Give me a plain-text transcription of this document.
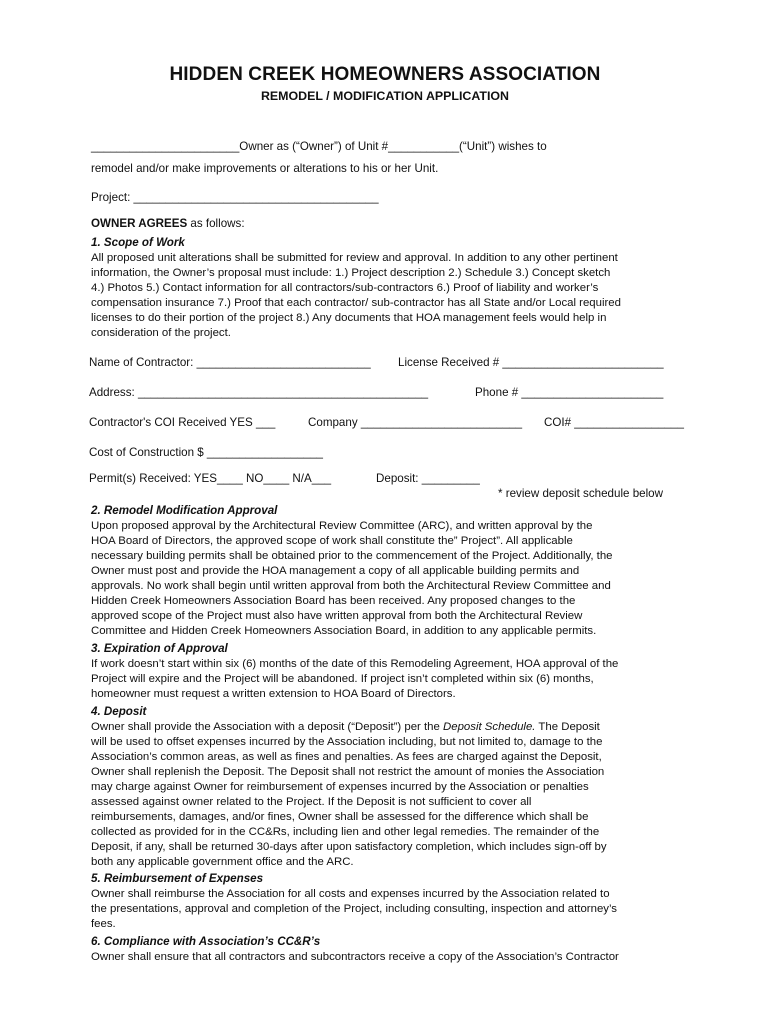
HIDDEN CREEK HOMEOWNERS ASSOCIATION
REMODEL / MODIFICATION APPLICATION
_______________________Owner as (“Owner”) of Unit #___________(“Unit”) wishes to
remodel and/or make improvements or alterations to his or her Unit.
Project: ______________________________________
OWNER AGREES as follows:
1. Scope of Work
All proposed unit alterations shall be submitted for review and approval. In addition to any other pertinent
information, the Owner’s proposal must include: 1.) Project description 2.) Schedule 3.) Concept sketch
4.) Photos 5.) Contact information for all contractors/sub-contractors 6.) Proof of liability and worker’s
compensation insurance 7.) Proof that each contractor/ sub-contractor has all State and/or Local required
licenses to do their portion of the project 8.) Any documents that HOA management feels would help in
consideration of the project.
Name of Contractor: ___________________________ License Received # _________________________
Address: _____________________________________________	Phone # ______________________
Contractor's COI Received YES ___	Company _________________________ COI# _________________
Cost of Construction $ __________________
Permit(s) Received: YES____ NO____ N/A___	Deposit: _________
* review deposit schedule below
2. Remodel Modification Approval
Upon proposed approval by the Architectural Review Committee (ARC), and written approval by the
HOA Board of Directors, the approved scope of work shall constitute the” Project”. All applicable
necessary building permits shall be obtained prior to the commencement of the Project. Additionally, the
Owner must post and provide the HOA management a copy of all applicable building permits and
approvals. No work shall begin until written approval from both the Architectural Review Committee and
Hidden Creek Homeowners Association Board has been received. Any proposed changes to the
approved scope of the Project must also have written approval from both the Architectural Review
Committee and Hidden Creek Homeowners Association Board, in addition to any applicable permits.
3. Expiration of Approval
If work doesn’t start within six (6) months of the date of this Remodeling Agreement, HOA approval of the
Project will expire and the Project will be abandoned. If project isn’t completed within six (6) months,
homeowner must request a written extension to HOA Board of Directors.
4. Deposit
Owner shall provide the Association with a deposit (“Deposit”) per the Deposit Schedule. The Deposit
will be used to offset expenses incurred by the Association including, but not limited to, damage to the
Association’s common areas, as well as fines and penalties. As fees are charged against the Deposit,
Owner shall replenish the Deposit. The Deposit shall not restrict the amount of monies the Association
may charge against Owner for reimbursement of expenses incurred by the Association or penalties
assessed against owner related to the Project. If the Deposit is not sufficient to cover all
reimbursements, damages, and/or fines, Owner shall be assessed for the difference which shall be
collected as provided for in the CC&Rs, including lien and other legal remedies. The remainder of the
Deposit, if any, shall be returned 30-days after upon satisfactory completion, which includes sign-off by
both any applicable government office and the ARC.
5. Reimbursement of Expenses
Owner shall reimburse the Association for all costs and expenses incurred by the Association related to
the presentations, approval and completion of the Project, including consulting, inspection and attorney’s
fees.
6. Compliance with Association’s CC&R’s
Owner shall ensure that all contractors and subcontractors receive a copy of the Association’s Contractor
